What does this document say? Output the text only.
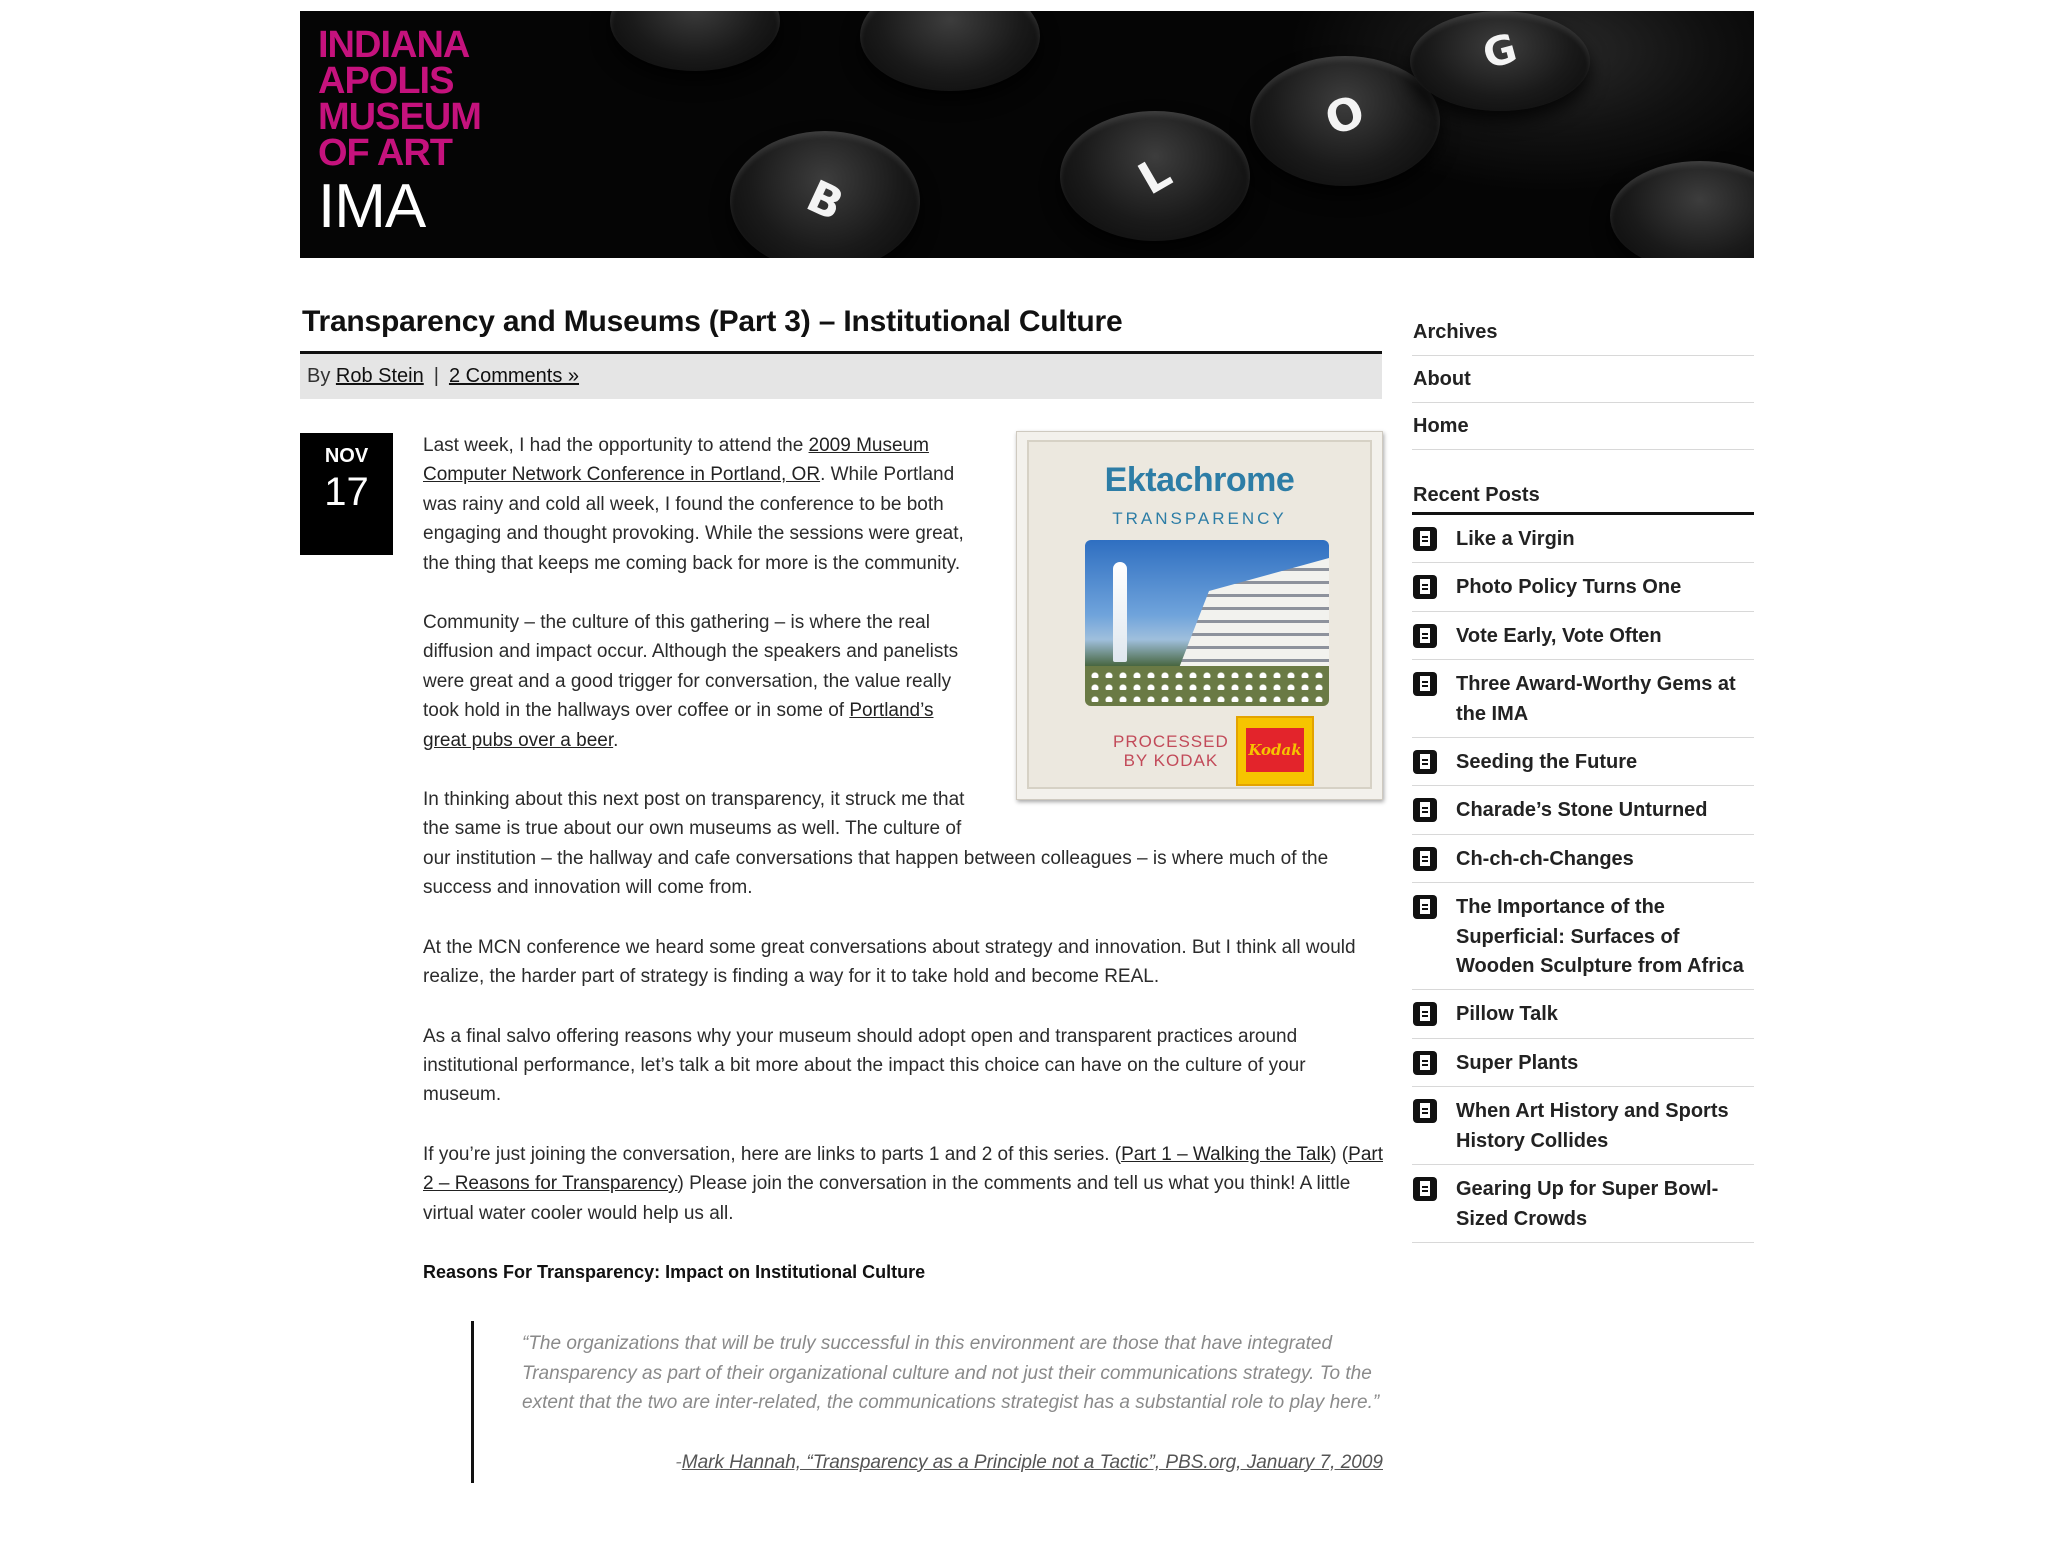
B	L
O
G
INDIANA
APOLIS
MUSEUM
OF ART
IMA
Transparency and Museums (Part 3) – Institutional Culture
By Rob Stein | 2 Comments »
NOV
17	Ektachrome
TRANSPARENCY
PROCESSED
BY KODAK
Kodak

Last week, I had the opportunity to attend the 2009 Museum Computer Network Conference in Portland, OR. While Portland was rainy and cold all week, I found the conference to be both engaging and thought provoking. While the sessions were great, the thing that keeps me coming back for more is the community.

Community – the culture of this gathering – is where the real diffusion and impact occur. Although the speakers and panelists were great and a good trigger for conversation, the value really took hold in the hallways over coffee or in some of Portland’s great pubs over a beer.

In thinking about this next post on transparency, it struck me that the same is true about our own museums as well. The culture of our institution – the hallway and cafe conversations that happen between colleagues – is where much of the success and innovation will come from.

At the MCN conference we heard some great conversations about strategy and innovation. But I think all would realize, the harder part of strategy is finding a way for it to take hold and become REAL.

As a final salvo offering reasons why your museum should adopt open and transparent practices around institutional performance, let’s talk a bit more about the impact this choice can have on the culture of your museum.

If you’re just joining the conversation, here are links to parts 1 and 2 of this series. (Part 1 – Walking the Talk) (Part 2 – Reasons for Transparency) Please join the conversation in the comments and tell us what you think! A little virtual water cooler would help us all.

Reasons For Transparency: Impact on Institutional Culture

“The organizations that will be truly successful in this environment are those that have integrated Transparency as part of their organizational culture and not just their communications strategy. To the extent that the two are inter-related, the communications strategist has a substantial role to play here.”

-Mark Hannah, “Transparency as a Principle not a Tactic”, PBS.org, January 7, 2009
Archives
About
Home
Recent Posts
Like a Virgin
Photo Policy Turns One
Vote Early, Vote Often
Three Award-Worthy Gems at the IMA
Seeding the Future
Charade’s Stone Unturned
Ch-ch-ch-Changes
The Importance of the Superficial: Surfaces of Wooden Sculpture from Africa
Pillow Talk
Super Plants
When Art History and Sports History Collides
Gearing Up for Super Bowl-Sized Crowds
